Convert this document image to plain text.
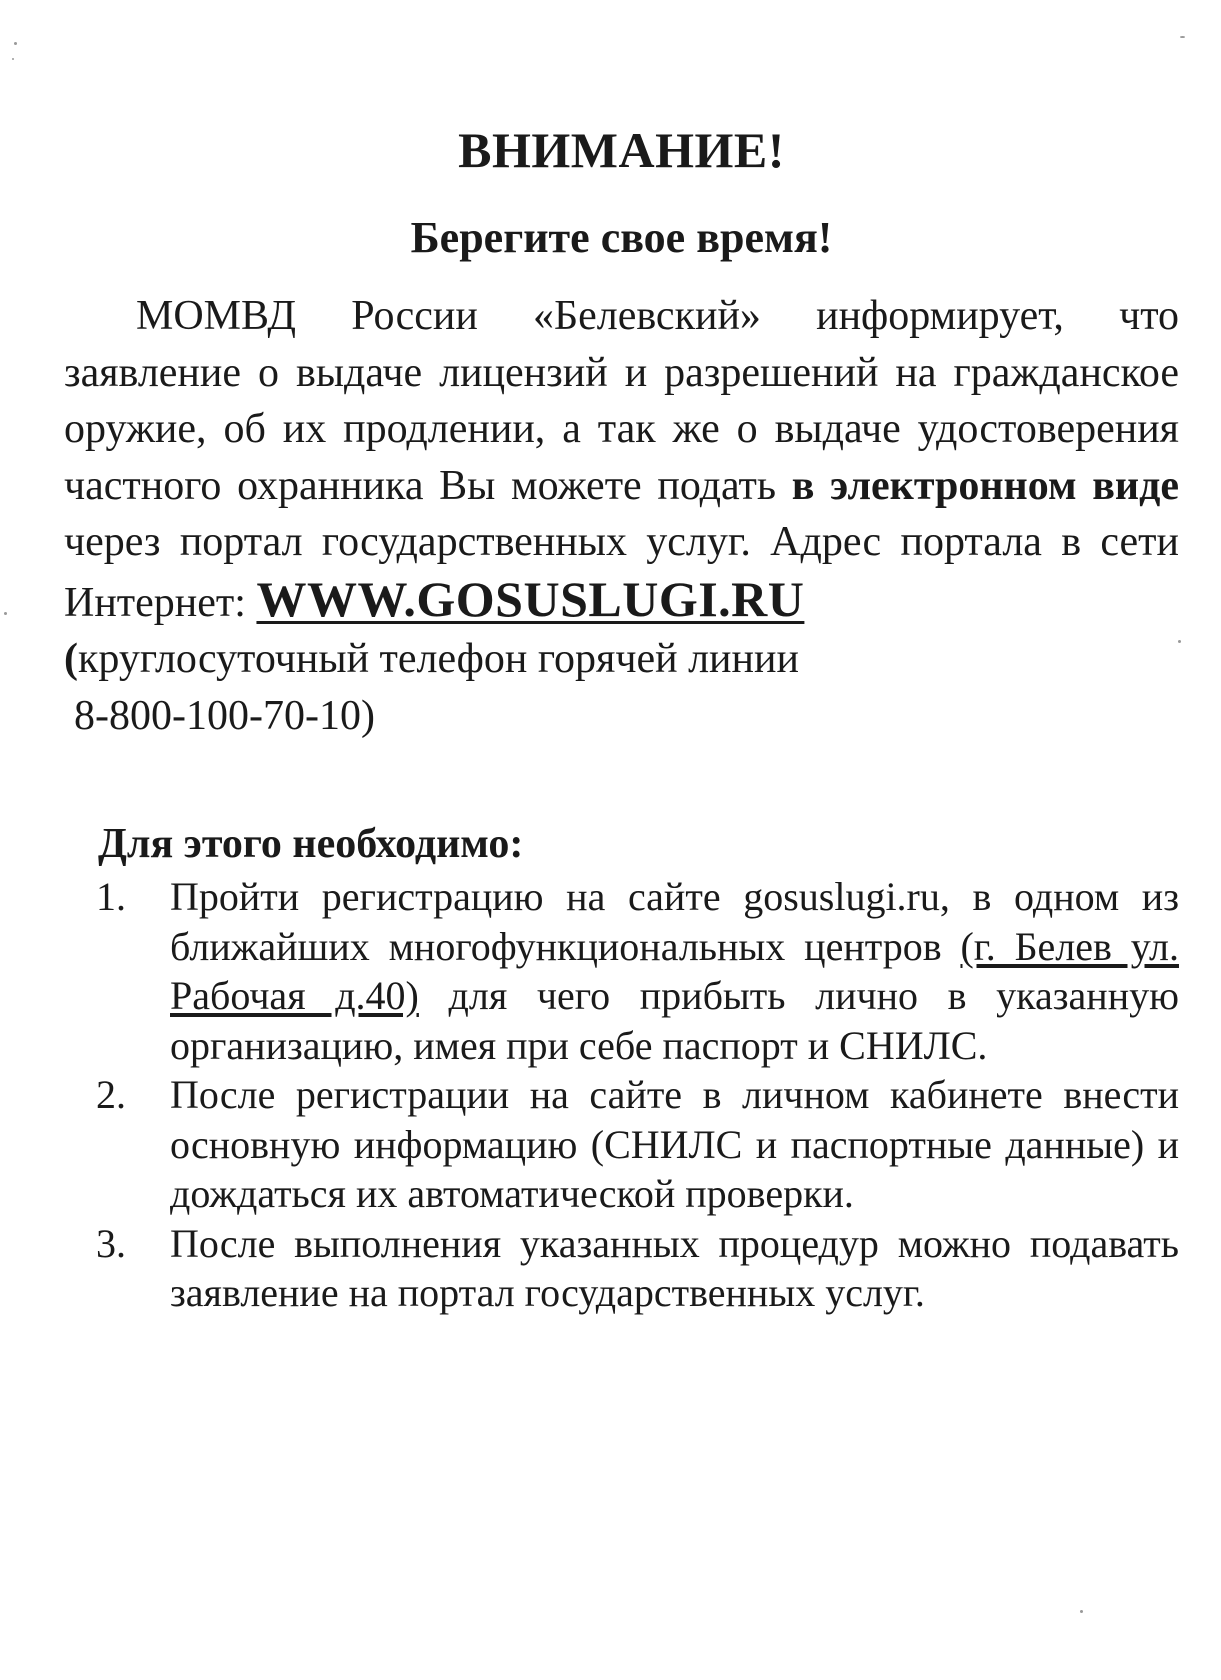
ВНИМАНИЕ!
Берегите свое время!

МОМВД России «Белевский» информирует, что заявление о выдаче лицензий и разрешений на гражданское оружие, об их продлении, а так же о выдаче удостоверения частного охранника Вы можете подать в электронном виде через портал государственных услуг. Адрес портала в сети Интернет: WWW.GOSUSLUGI.RU

(круглосуточный телефон горячей линии
8-800-100-70-10)

Для этого необходимо:
1. Пройти регистрацию на сайте gosuslugi.ru, в одном из ближайших многофункциональных центров (г. Белев ул. Рабочая д.40) для чего прибыть лично в указанную организацию, имея при себе паспорт и СНИЛС.
2. После регистрации на сайте в личном кабинете внести основную информацию (СНИЛС и паспортные данные) и дождаться их автоматической проверки.
3. После выполнения указанных процедур можно подавать заявление на портал государственных услуг.
